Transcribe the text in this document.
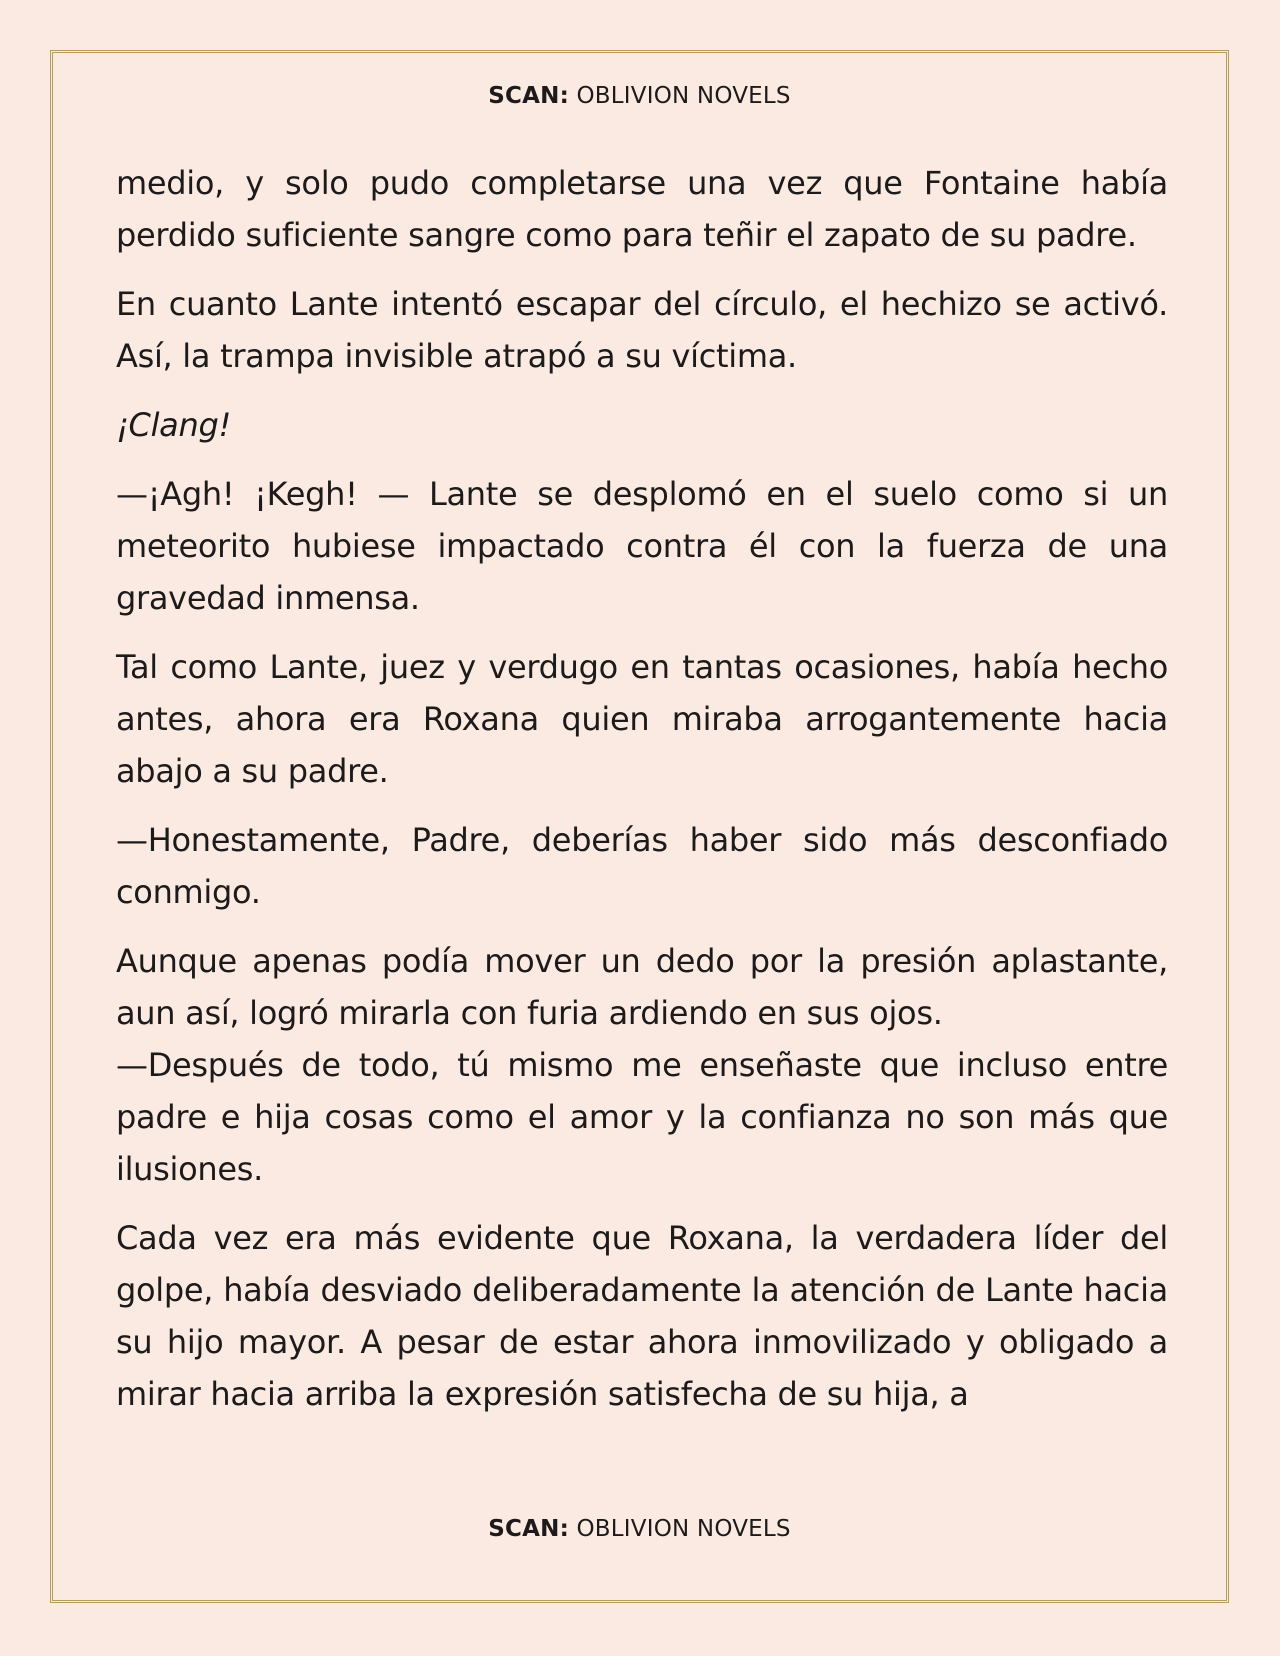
SCAN: OBLIVION NOVELS

medio, y solo pudo completarse una vez que Fontaine había perdido suficiente sangre como para teñir el zapato de su padre.

En cuanto Lante intentó escapar del círculo, el hechizo se activó. Así, la trampa invisible atrapó a su víctima.

¡Clang!

—¡Agh! ¡Kegh! — Lante se desplomó en el suelo como si un meteorito hubiese impactado contra él con la fuerza de una gravedad inmensa.

Tal como Lante, juez y verdugo en tantas ocasiones, había hecho antes, ahora era Roxana quien miraba arrogantemente hacia abajo a su padre.

—Honestamente, Padre, deberías haber sido más desconfiado conmigo.

Aunque apenas podía mover un dedo por la presión aplastante, aun así, logró mirarla con furia ardiendo en sus ojos.
—Después de todo, tú mismo me enseñaste que incluso entre padre e hija cosas como el amor y la confianza no son más que ilusiones.

Cada vez era más evidente que Roxana, la verdadera líder del golpe, había desviado deliberadamente la atención de Lante hacia su hijo mayor. A pesar de estar ahora inmovilizado y obligado a mirar hacia arriba la expresión satisfecha de su hija, a

SCAN: OBLIVION NOVELS
